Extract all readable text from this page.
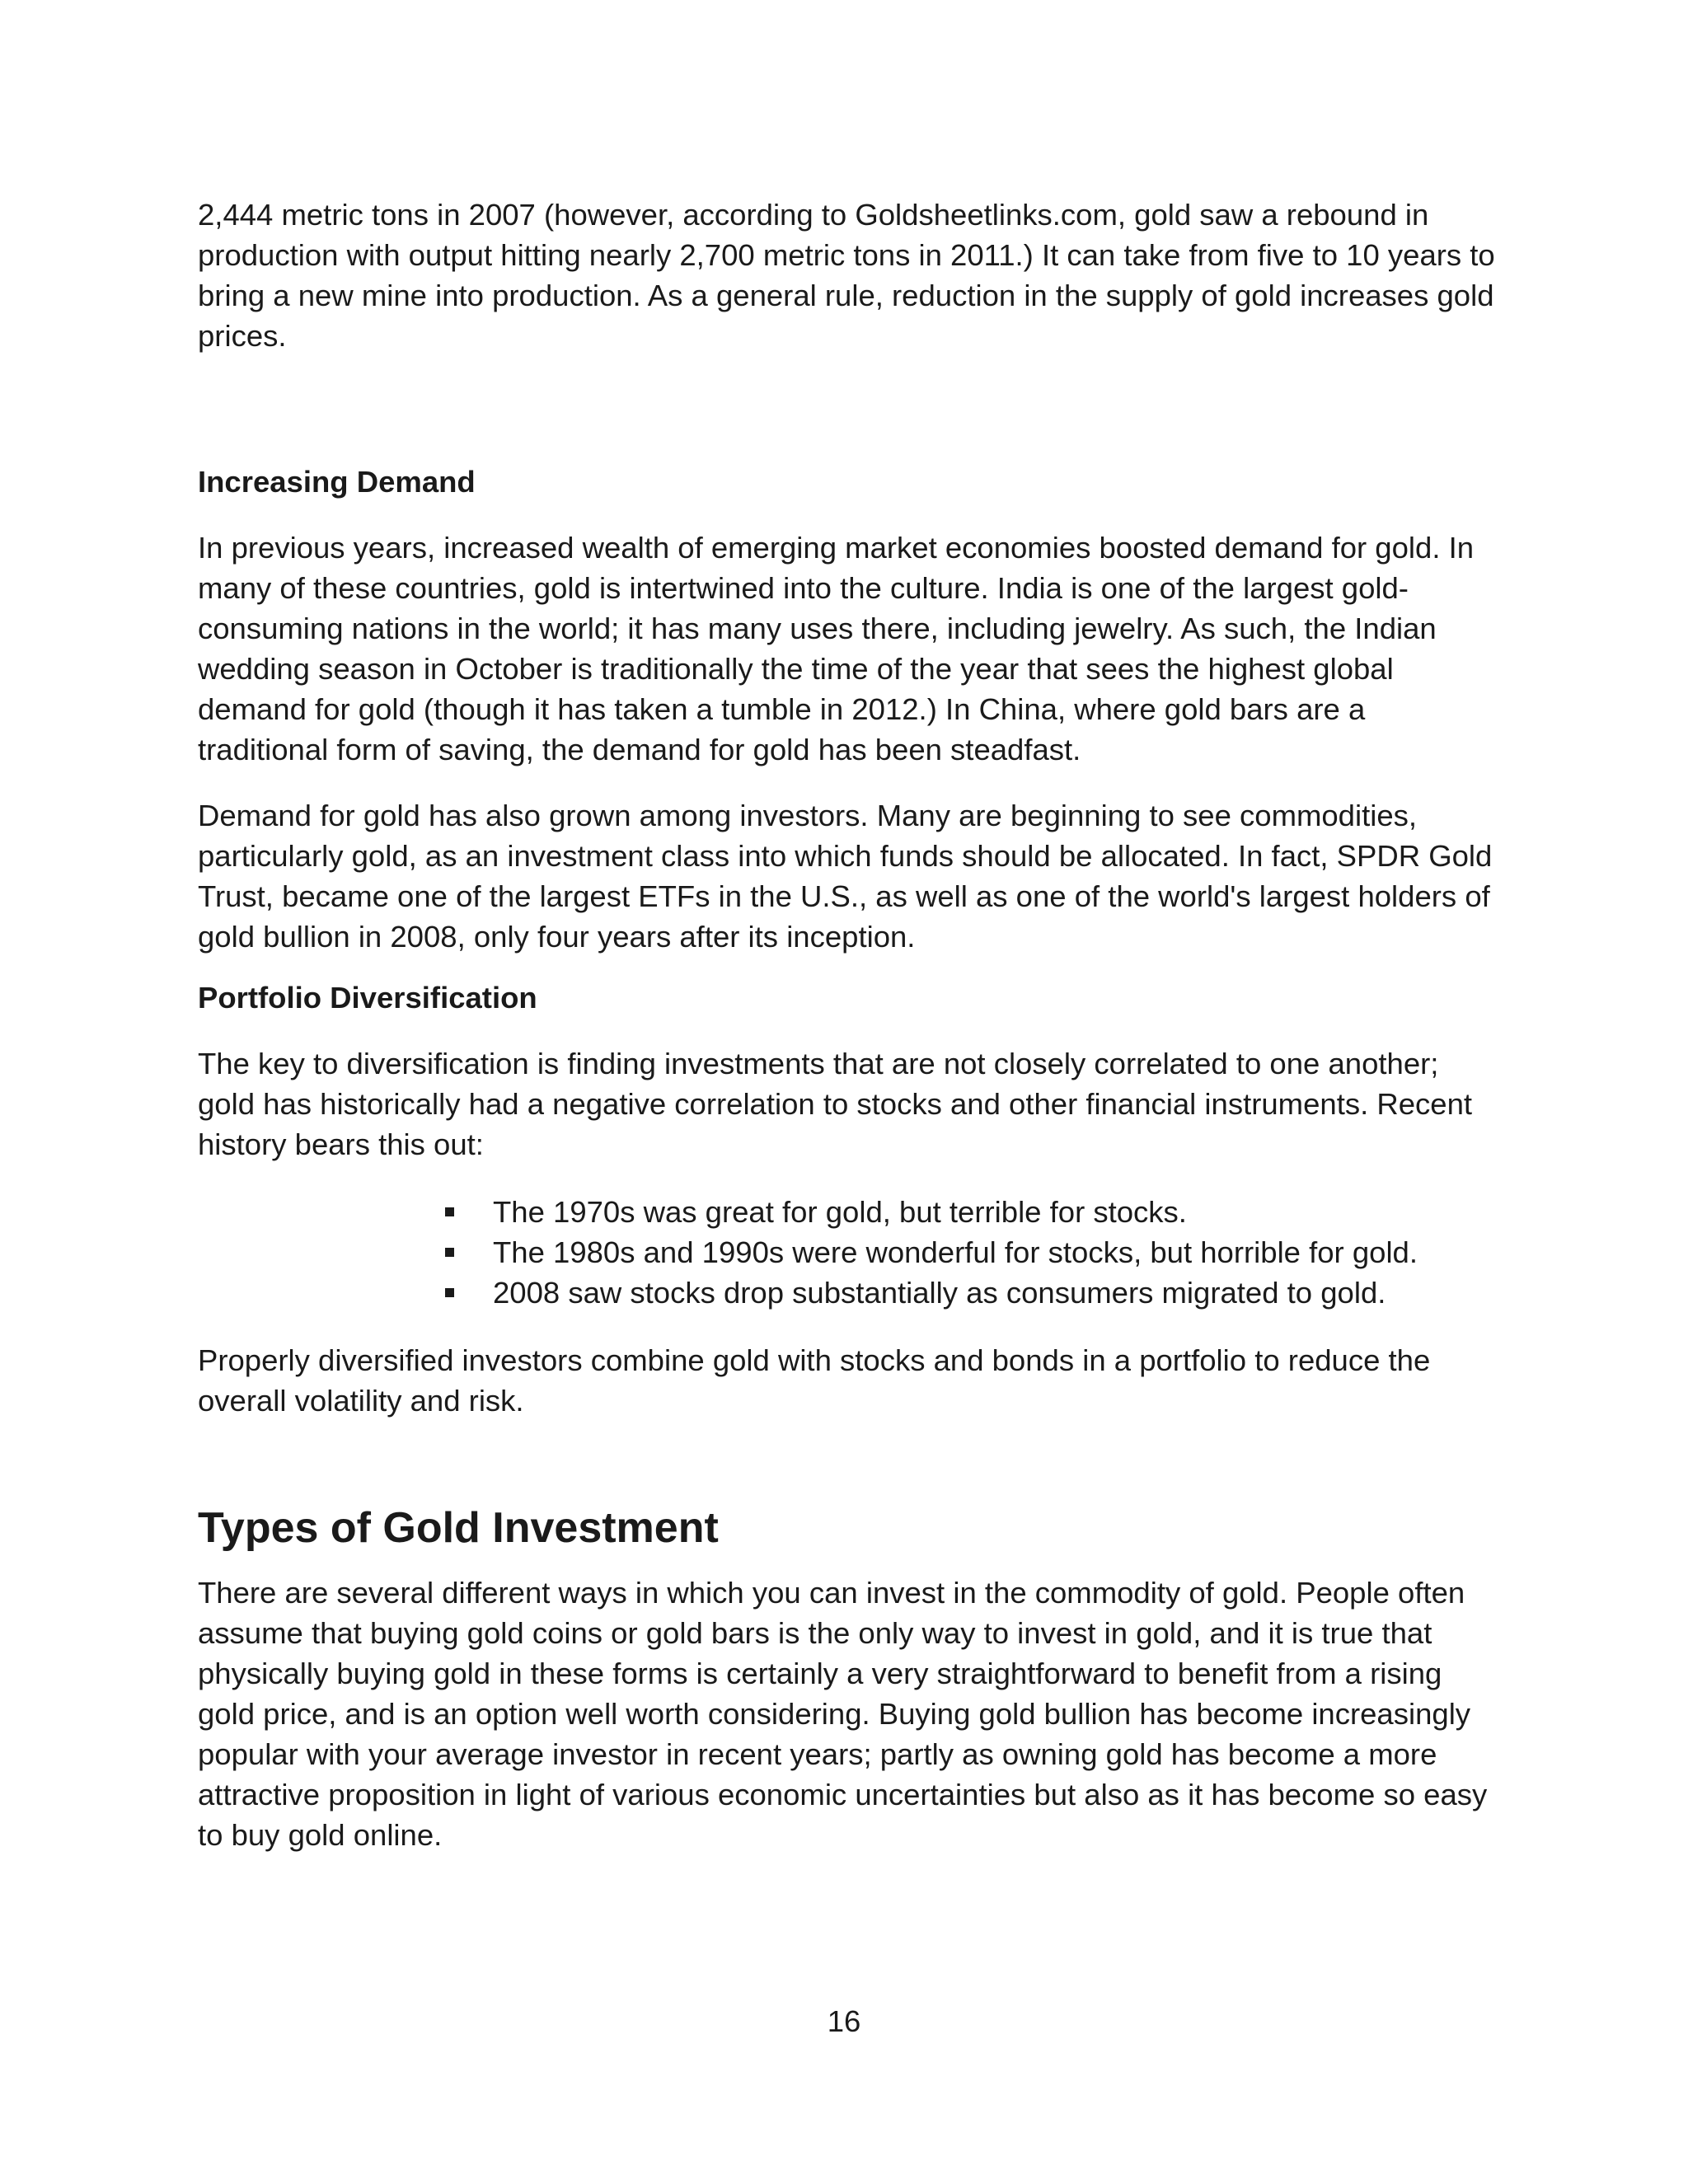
2,444 metric tons in 2007 (however, according to Goldsheetlinks.com, gold saw a rebound in production with output hitting nearly 2,700 metric tons in 2011.) It can take from five to 10 years to bring a new mine into production. As a general rule, reduction in the supply of gold increases gold prices.

Increasing Demand

In previous years, increased wealth of emerging market economies boosted demand for gold. In many of these countries, gold is intertwined into the culture. India is one of the largest gold-consuming nations in the world; it has many uses there, including jewelry. As such, the Indian wedding season in October is traditionally the time of the year that sees the highest global demand for gold (though it has taken a tumble in 2012.) In China, where gold bars are a traditional form of saving, the demand for gold has been steadfast.

Demand for gold has also grown among investors. Many are beginning to see commodities, particularly gold, as an investment class into which funds should be allocated. In fact, SPDR Gold Trust, became one of the largest ETFs in the U.S., as well as one of the world's largest holders of gold bullion in 2008, only four years after its inception.

Portfolio Diversification

The key to diversification is finding investments that are not closely correlated to one another; gold has historically had a negative correlation to stocks and other financial instruments. Recent history bears this out:

The 1970s was great for gold, but terrible for stocks.
The 1980s and 1990s were wonderful for stocks, but horrible for gold.
2008 saw stocks drop substantially as consumers migrated to gold.

Properly diversified investors combine gold with stocks and bonds in a portfolio to reduce the overall volatility and risk.

Types of Gold Investment

There are several different ways in which you can invest in the commodity of gold. People often assume that buying gold coins or gold bars is the only way to invest in gold, and it is true that physically buying gold in these forms is certainly a very straightforward to benefit from a rising gold price, and is an option well worth considering. Buying gold bullion has become increasingly popular with your average investor in recent years; partly as owning gold has become a more attractive proposition in light of various economic uncertainties but also as it has become so easy to buy gold online.

16
